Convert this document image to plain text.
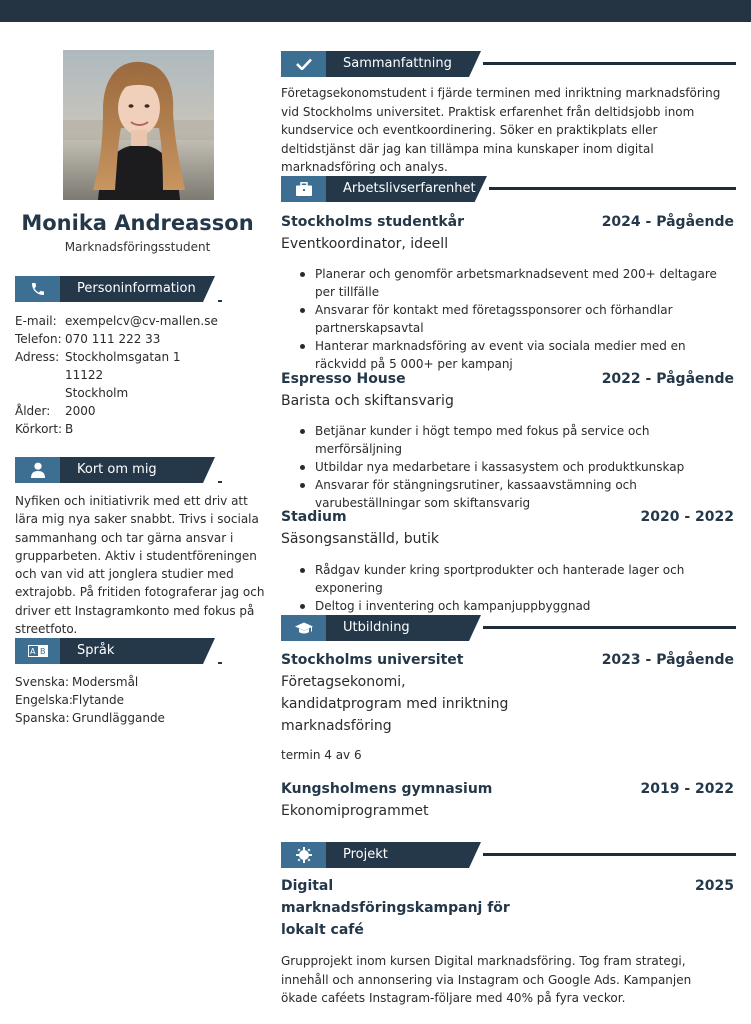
Monika Andreasson
Marknadsföringsstudent
Personinformation
E-mail: exempelcv@cv-mallen.se
Telefon: 070 111 222 33
Adress: Stockholmsgatan 1
11122
Stockholm
Ålder: 2000
Körkort: B
Kort om mig
Nyfiken och initiativrik med ett driv att lära mig nya saker snabbt. Trivs i sociala sammanhang och tar gärna ansvar i grupparbeten. Aktiv i studentföreningen och van vid att jonglera studier med extrajobb. På fritiden fotograferar jag och driver ett Instagramkonto med fokus på streetfoto.
A B Språk
Svenska: Modersmål
Engelska: Flytande
Spanska: Grundläggande
Sammanfattning
Företagsekonomstudent i fjärde terminen med inriktning marknadsföring vid Stockholms universitet. Praktisk erfarenhet från deltidsjobb inom kundservice och eventkoordinering. Söker en praktikplats eller deltidstjänst där jag kan tillämpa mina kunskaper inom digital marknadsföring och analys.
Arbetslivserfarenhet
Stockholms studentkår	2024 - Pågående
Eventkoordinator, ideell
Planerar och genomför arbetsmarknadsevent med 200+ deltagare per tillfälle
Ansvarar för kontakt med företagssponsorer och förhandlar partnerskapsavtal
Hanterar marknadsföring av event via sociala medier med en räckvidd på 5 000+ per kampanj
Espresso House	2022 - Pågående
Barista och skiftansvarig
Betjänar kunder i högt tempo med fokus på service och merförsäljning
Utbildar nya medarbetare i kassasystem och produktkunskap
Ansvarar för stängningsrutiner, kassaavstämning och varubeställningar som skiftansvarig
Stadium	2020 - 2022
Säsongsanställd, butik
Rådgav kunder kring sportprodukter och hanterade lager och exponering
Deltog i inventering och kampanjuppbyggnad
Utbildning
Stockholms universitet	2023 - Pågående
Företagsekonomi,
kandidatprogram med inriktning
marknadsföring
termin 4 av 6
Kungsholmens gymnasium	2019 - 2022
Ekonomiprogrammet
Projekt
Digital
marknadsföringskampanj för
lokalt café
2025
Grupprojekt inom kursen Digital marknadsföring. Tog fram strategi, innehåll och annonsering via Instagram och Google Ads. Kampanjen ökade caféets Instagram-följare med 40% på fyra veckor.
